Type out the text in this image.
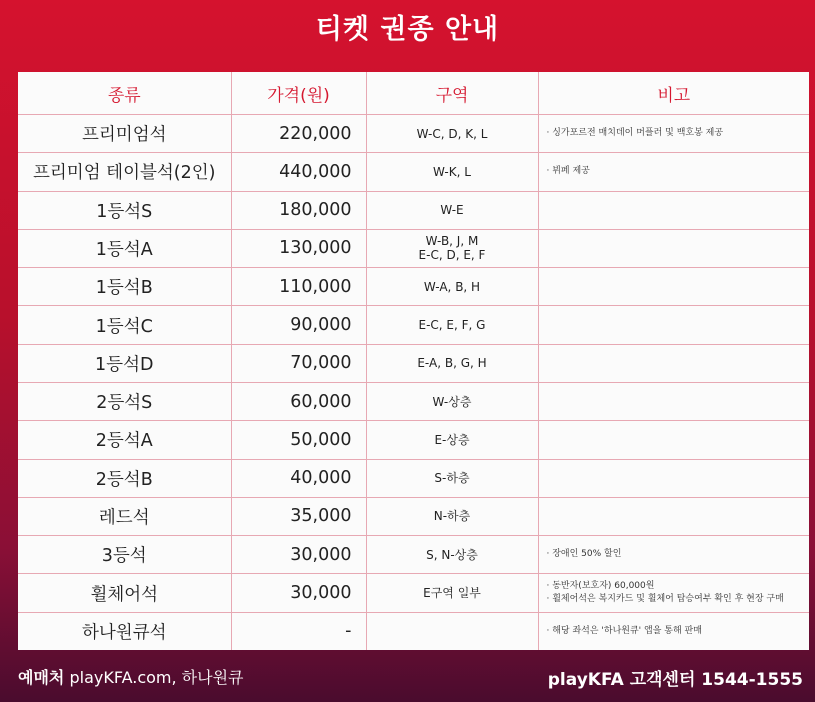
티켓 권종 안내
종류	가격(원)	구역	비고
프리미엄석	220,000	W-C, D, K, L	· 싱가포르전 매치데이 머플러 및 백호봉 제공

프리미엄 테이블석(2인)	440,000	W-K, L	· 뷔페 제공

1등석S	180,000	W-E	

1등석A	130,000	W-B, J, M
E-C, D, E, F	

1등석B	110,000	W-A, B, H	

1등석C	90,000	E-C, E, F, G	

1등석D	70,000	E-A, B, G, H	

2등석S	60,000	W-상층	

2등석A	50,000	E-상층	

2등석B	40,000	S-하층	

레드석	35,000	N-하층	

3등석	30,000	S, N-상층	· 장애인 50% 할인

휠체어석	30,000	E구역 일부	· 동반자(보호자) 60,000원
· 휠체어석은 복지카드 및 휠체어 탑승여부 확인 후 현장 구매

하나원큐석	-		· 해당 좌석은 '하나원큐' 앱을 통해 판매
예매처 playKFA.com, 하나원큐	playKFA 고객센터 1544-1555
